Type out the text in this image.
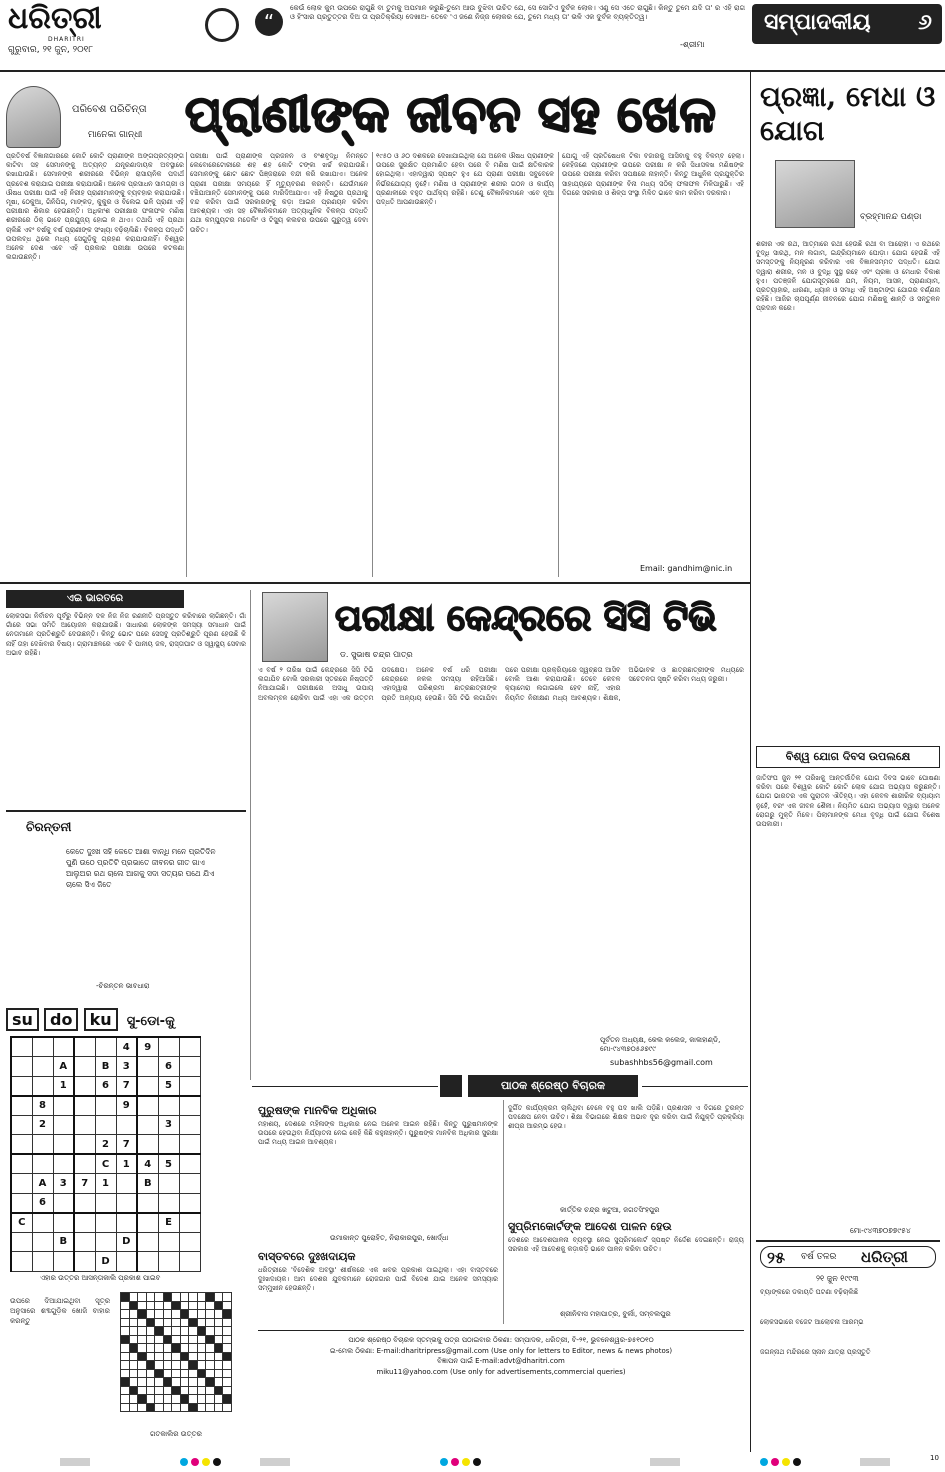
ଧରିତ୍ରୀ
DHARITRI
ଗୁରୁବାର, ୨୧ ଜୁନ, ୨୦୧୮
“
କେଉଁ ଲୋକ କୁମ ଉପରେ ରାଗୁଛି ବା ତୁମକୁ ଅପମାନ କରୁଛି-ତୁମେ ଆଉ ବୁଝିବା ଉଚିତ ଯେ, ସେ ସୋଟିଏ ଦୁର୍ବଳ ଲୋକ। ଏଣୁ ସେ ଏତେ ରାଗୁଛି। କିନ୍ତୁ ତୁମେ ଯଦି ତା' ର ଏହି ରାଗ ଓ ହିଂସାର ପ୍ରତୁତ୍ତର ଦିଅ ତା ପ୍ରତିକ୍ରିୟା ଦେଖାଅ- ତେବେ 'ଏ ଜଣେ ନିଜ୍ଜ ଲୋକର ଯେ, ତୁମେ ମଧ୍ୟ ତା' ଭଳି ଏକ ଦୁର୍ବଳ ବ୍ୟକ୍ତିତ୍ୱ।
-ଶ୍ରୀମା
ସମ୍ପାଦକୀୟ ୬
ପରିବେଶ ପରିଚିନ୍ତା
ମାନେକା ଗାନ୍ଧୀ ପ୍ରାଣୀଙ୍କ ଜୀବନ ସହ ଖେଳ
ପ୍ରତିବର୍ଷ ବିଜ୍ଞାନାଗାରରେ କୋଟି କୋଟି ପ୍ରାଣୀଙ୍କ ଅଙ୍ଗପ୍ରତ୍ୟଙ୍ଗ କାଟିବା ସହ ସେମାନଙ୍କୁ ଅତ୍ୟନ୍ତ ଯନ୍ତ୍ରଣାଦାୟକ ଅବସ୍ଥାରେ ରଖାଯାଉଛି। ସେମାନଙ୍କ ଶରୀରରେ ବିଭିନ୍ନ ରାସାୟନିକ ପଦାର୍ଥ ପ୍ରବେଶ କରାଯାଇ ପରୀକ୍ଷା କରାଯାଉଛି। ଅନେକ ପ୍ରସାଧନ ସାମଗ୍ରୀ ଓ ଔଷଧ ପରୀକ୍ଷା ପାଇଁ ଏହି ନିରୀହ ପ୍ରାଣୀମାନଙ୍କୁ ବ୍ୟବହାର କରାଯାଉଛି। ମୂଷା, ଠେକୁଆ, ଗିନିପିଗ୍, ମାଙ୍କଡ଼, କୁକୁର ଓ ବିଲେଇ ଭଳି ପ୍ରାଣୀ ଏହି ପରୀକ୍ଷାର ଶିକାର ହେଉଛନ୍ତି। ଅଧିକାଂଶ ପରୀକ୍ଷାର ଫଳାଫଳ ମଣିଷ ଶରୀରରେ ଠିକ୍ ଭାବେ ପ୍ରଯୁଜ୍ୟ ହୋଇ ନ ଥାଏ। ତଥାପି ଏହି ପ୍ରଥା ଚାଲିଛି ଏବଂ ବର୍ଷକୁ ବର୍ଷ ପ୍ରାଣୀଙ୍କ ସଂଖ୍ୟା ବଢ଼ିଚାଲିଛି। ବିକଳ୍ପ ପଦ୍ଧତି ଉପଲବ୍ଧ ଥିଲେ ମଧ୍ୟ ସେଗୁଡ଼ିକୁ ଗ୍ରହଣ କରାଯାଉନାହିଁ। ବିଶ୍ୱର ଅନେକ ଦେଶ ଏବେ ଏହି ପ୍ରକାର ପରୀକ୍ଷା ଉପରେ କଟକଣା ଲଗାଉଛନ୍ତି।
ପରୀକ୍ଷା ପାଇଁ ପ୍ରାଣୀଙ୍କ ପ୍ରଜନନ ଓ ବଂଶବୃଦ୍ଧି ନିମନ୍ତେ ଲେବୋରେଟୋରୀରେ ଶହ ଶହ କୋଟି ଟଙ୍କା ଖର୍ଚ୍ଚ କରାଯାଉଛି। ସେମାନଙ୍କୁ ଛୋଟ ଛୋଟ ପିଞ୍ଜରାରେ ବନ୍ଦୀ କରି ରଖାଯାଏ। ଅନେକ ପ୍ରାଣୀ ପରୀକ୍ଷା ସମୟରେ ହିଁ ମୃତ୍ୟୁବରଣ କରନ୍ତି। ଯେଉଁମାନେ ବଞ୍ଚିଯାଆନ୍ତି ସେମାନଙ୍କୁ ପରେ ମାରିଦିଆଯାଏ। ଏହି ନିଷ୍ଠୁର ପ୍ରଥାକୁ ବନ୍ଦ କରିବା ପାଇଁ ସରକାରଙ୍କୁ କଡ଼ା ଆଇନ ପ୍ରଣୟନ କରିବା ଆବଶ୍ୟକ। ଏହା ସହ ବୈଜ୍ଞାନିକମାନେ ଅତ୍ୟାଧୁନିକ ବିକଳ୍ପ ପଦ୍ଧତି ଯଥା କମ୍ପ୍ୟୁଟର ମଡେଲିଂ ଓ ଟିସ୍ୟୁ କଲଚର ଉପରେ ଗୁରୁତ୍ୱ ଦେବା ଉଚିତ।
୧୯୫୦ ଓ ୬୦ ଦଶକରେ ଦେଖାଯାଇଥିଲା ଯେ ଅନେକ ଔଷଧ ପ୍ରାଣୀଙ୍କ ଉପରେ ସୁରକ୍ଷିତ ପ୍ରମାଣିତ ହେବା ପରେ ବି ମଣିଷ ପାଇଁ କ୍ଷତିକାରକ ହୋଇଥିଲା। ଏହାଦ୍ୱାରା ସ୍ପଷ୍ଟ ହୁଏ ଯେ ପ୍ରାଣୀ ପରୀକ୍ଷା ସବୁବେଳେ ନିର୍ଭରଯୋଗ୍ୟ ନୁହେଁ। ମଣିଷ ଓ ପ୍ରାଣୀଙ୍କ ଶରୀର ଗଠନ ଓ କାର୍ଯ୍ୟ ପ୍ରଣାଳୀରେ ବହୁତ ପାର୍ଥକ୍ୟ ରହିଛି। ତେଣୁ ବୈଜ୍ଞାନିକମାନେ ଏବେ ନୂଆ ପଦ୍ଧତି ଆପଣାଉଛନ୍ତି।
ଯୋଗୁ ଏହି ପ୍ରତିଷେଧକ ଟିକା ବଜାରକୁ ଆସିବାକୁ ବହୁ ବିଳମ୍ବ ହେଲା। କେହିଜଣେ ପ୍ରାଣୀଙ୍କ ଉପରେ ପରୀକ୍ଷା ନ କରି ସିଧାସଳଖ ମଣିଷଙ୍କ ଉପରେ ପରୀକ୍ଷା କରିବା ସପକ୍ଷରେ ନାହାନ୍ତି। କିନ୍ତୁ ଆଧୁନିକ ପ୍ରଯୁକ୍ତିର ସାହାଯ୍ୟରେ ପ୍ରାଣୀଙ୍କ ବିନା ମଧ୍ୟ ସଠିକ୍ ଫଳାଫଳ ମିଳିପାରୁଛି। ଏହି ଦିଗରେ ସରକାର ଓ ଶିଳ୍ପ ସଂସ୍ଥା ମିଳିତ ଭାବେ କାମ କରିବା ଦରକାର।
Email: gandhim@nic.in
ପ୍ରଜ୍ଞା, ମେଧା ଓ ଯୋଗ
ବ୍ରହ୍ମାନନ୍ଦ ପଣ୍ଡା
ଶରୀର ଏକ ରଥ, ଆତ୍ମାରେ ରଥୀ ହେଉଛି ରଥୀ ବା ଆରୋହୀ। ଏ ରଥରେ ବୁଦ୍ଧି ସାରଥି, ମନ ଲଗାମ, ଇନ୍ଦ୍ରିୟମାନେ ଘୋଡ଼ା। ଯୋଗ ହେଉଛି ଏହି ସମସ୍ତଙ୍କୁ ନିୟନ୍ତ୍ରଣ କରିବାର ଏକ ବିଜ୍ଞାନସମ୍ମତ ପଦ୍ଧତି। ଯୋଗ ଦ୍ୱାରା ଶରୀର, ମନ ଓ ବୁଦ୍ଧି ସୁସ୍ଥ ରହେ ଏବଂ ପ୍ରଜ୍ଞା ଓ ମେଧାର ବିକାଶ ହୁଏ। ପତଞ୍ଜଳି ଯୋଗସୂତ୍ରରେ ଯମ, ନିୟମ, ଆସନ, ପ୍ରାଣାୟାମ, ପ୍ରତ୍ୟାହାର, ଧାରଣା, ଧ୍ୟାନ ଓ ସମାଧି ଏହି ଅଷ୍ଟାଙ୍ଗ ଯୋଗର ବର୍ଣ୍ଣନା ରହିଛି। ଆଜିର ଚାପପୂର୍ଣ୍ଣ ଜୀବନରେ ଯୋଗ ମଣିଷକୁ ଶାନ୍ତି ଓ ସନ୍ତୁଳନ ପ୍ରଦାନ କରେ।
ବିଶ୍ୱ ଯୋଗ ଦିବସ ଉପଲକ୍ଷେ
ଜାତିସଂଘ ଜୁନ ୨୧ ତାରିଖକୁ ଆନ୍ତର୍ଜାତିକ ଯୋଗ ଦିବସ ଭାବେ ଘୋଷଣା କରିବା ପରେ ବିଶ୍ୱର କୋଟି କୋଟି ଲୋକ ଯୋଗ ଅଭ୍ୟାସ କରୁଛନ୍ତି। ଯୋଗ ଭାରତର ଏକ ପୁରାତନ ଐତିହ୍ୟ। ଏହା କେବଳ ଶାରୀରିକ ବ୍ୟାୟାମ ନୁହେଁ, ବରଂ ଏକ ଜୀବନ ଶୈଳୀ। ନିୟମିତ ଯୋଗ ଅଭ୍ୟାସ ଦ୍ୱାରା ଅନେକ ରୋଗରୁ ମୁକ୍ତି ମିଳେ। ପିଲାମାନଙ୍କ ମେଧା ବୃଦ୍ଧି ପାଇଁ ଯୋଗ ବିଶେଷ ଉପକାରୀ।
ମୋ-୯୪୩୭୦୭୭୯୫୪
୨୫ ବର୍ଷ ତଳର ଧରିତ୍ରୀ
୨୧ ଜୁନ ୧୯୯୩
ବ୍ୟାଙ୍କରେ ଡକାୟତି ଘଟଣା ବଢ଼ିଚାଲିଛି
ଲୋକସଭାରେ ବଜେଟ ଆଲୋଚନା ଆରମ୍ଭ
ଜଗନ୍ନାଥ ମନ୍ଦିରରେ ସ୍ନାନ ଯାତ୍ରା ପ୍ରସ୍ତୁତି
ଏଇ ଭାରତରେ
ଲୋକସଭା ନିର୍ବାଚନ ପୂର୍ବରୁ ବିଭିନ୍ନ ଦଳ ନିଜ ନିଜ ରଣନୀତି ପ୍ରସ୍ତୁତ କରିବାରେ ଲାଗିଛନ୍ତି। ଗାଁ ଗାଁରେ ସଭା ସମିତି ଆୟୋଜନ କରାଯାଉଛି। ସାଧାରଣ ଲୋକଙ୍କ ସମସ୍ୟା ସମାଧାନ ପାଇଁ ନେତାମାନେ ପ୍ରତିଶ୍ରୁତି ଦେଉଛନ୍ତି। କିନ୍ତୁ ଭୋଟ ପରେ ସେସବୁ ପ୍ରତିଶ୍ରୁତି ପୂରଣ ହେଉଛି କି ନାହିଁ ତାହା ଦେଖିବାର ବିଷୟ। ଗ୍ରାମାଞ୍ଚଳରେ ଏବେ ବି ପାନୀୟ ଜଳ, ରାସ୍ତାଘାଟ ଓ ସ୍ୱାସ୍ଥ୍ୟ ସେବାର ଅଭାବ ରହିଛି।
ଚିରନ୍ତନୀ
କେତେ ଦୁଃଖ ସହି କେତେ ଆଶା ବାନ୍ଧି ମନେ ପ୍ରତିଦିନ ପୁଣି ଉଠେ ପ୍ରତିଟି ପ୍ରଭାତେ ଜୀବନର ଗୀତ ଗାଏ ଆଲୁଅର ରଥ ଚାଲେ ଆଗକୁ ସଦା ସତ୍ୟର ପଥେ ଯିଏ ଚାଲେ ସିଏ ଜିତେ
-ଚିରନ୍ତନ ଭାବଧାରା
su do ku ସୁ-ଡୋ-କୁ
					4	9		
		A		B	3		6	
		1		6	7		5	
	8				9			
	2						3	
				2	7			
				C	1	4	5	
	A	3	7	1		B		
	6							
C							E	
		B			D			
				D				
ଏହାର ଉତ୍ତର ଆସନ୍ତାକାଲି ପ୍ରକାଶ ପାଇବ
ଉପରେ ଦିଆଯାଇଥିବା ସୂତ୍ର ଅନୁସାରେ ଶବ୍ଦଗୁଡ଼ିକ ଖୋଜି ବାହାର କରନ୍ତୁ

ଗତକାଲିର ଉତ୍ତର
ଡ. ସୁଭାଷ ଚନ୍ଦ୍ର ପାତ୍ର
ପରୀକ୍ଷା କେନ୍ଦ୍ରରେ ସିସି ଟିଭି
ଏ ବର୍ଷ ୨ ତାରିଖ ପାଇଁ କେନ୍ଦ୍ରରେ ସିସି ଟିଭି ଲଗାଯିବ ବୋଲି ସରକାରୀ ସ୍ତରରେ ନିଷ୍ପତ୍ତି ନିଆଯାଇଛି। ପରୀକ୍ଷାରେ ଅସାଧୁ ଉପାୟ ଅବଲମ୍ବନ ରୋକିବା ପାଇଁ ଏହା ଏକ ଉତ୍ତମ ପଦକ୍ଷେପ। ଅନେକ ବର୍ଷ ଧରି ପରୀକ୍ଷା କେନ୍ଦ୍ରରେ ନକଲ ସମସ୍ୟା ରହିଆସିଛି। ଏହାଦ୍ୱାରା ପରିଶ୍ରମୀ ଛାତ୍ରଛାତ୍ରୀଙ୍କ ପ୍ରତି ଅନ୍ୟାୟ ହେଉଛି। ସିସି ଟିଭି ଲଗାଯିବା ପରେ ପରୀକ୍ଷା ପ୍ରକ୍ରିୟାରେ ସ୍ୱଚ୍ଛତା ଆସିବ ବୋଲି ଆଶା କରାଯାଉଛି। ତେବେ କେବଳ କ୍ୟାମେରା ଲଗାଇଲେ ହେବ ନାହିଁ, ଏହାର ନିୟମିତ ନିରୀକ୍ଷଣ ମଧ୍ୟ ଆବଶ୍ୟକ। ଶିକ୍ଷକ, ଅଭିଭାବକ ଓ ଛାତ୍ରଛାତ୍ରୀଙ୍କ ମଧ୍ୟରେ ସଚେତନତା ସୃଷ୍ଟି କରିବା ମଧ୍ୟ ଜରୁରୀ।
ପୂର୍ବତନ ଅଧ୍ୟକ୍ଷ, କେଲ କଲେଜ, କାଳାହାଣ୍ଡି, ମୋ-୯୪୩୭୦୫୬୭୯୯
subashhbs56@gmail.com
ପାଠକ ଶ୍ରେଷ୍ଠ ବିଚାରକ
ପୁରୁଷଙ୍କ ମାନବିକ ଅଧିକାର
ମହାଶୟ, ଦେଶରେ ମହିଳାଙ୍କ ଅଧିକାର ନେଇ ଅନେକ ଆଇନ ରହିଛି। କିନ୍ତୁ ପୁରୁଷମାନଙ୍କ ଉପରେ ହେଉଥିବା ନିର୍ଯ୍ୟାତନା ନେଇ କେହି କିଛି କହୁନାହାନ୍ତି। ପୁରୁଷଙ୍କ ମାନବିକ ଅଧିକାର ସୁରକ୍ଷା ପାଇଁ ମଧ୍ୟ ଆଇନ ଆବଶ୍ୟକ।
ଉମାକାନ୍ତ ପୁରୋହିତ, ନିରାକାରପୁର, ଖୋର୍ଦ୍ଧା
ବାସ୍ତବରେ ଦୁଃଖଦାୟକ
ଧରିତ୍ରୀରେ 'ବିଦେଶିକ ଅବସ୍ଥା' ଶୀର୍ଷକରେ ଏକ ଖବର ପ୍ରକାଶ ପାଇଥିଲା। ଏହା ବାସ୍ତବରେ ଦୁଃଖଦାୟକ। ଆମ ଦେଶର ଯୁବକମାନେ ରୋଜଗାର ପାଇଁ ବିଦେଶ ଯାଇ ଅନେକ ସମସ୍ୟାର ସମ୍ମୁଖୀନ ହେଉଛନ୍ତି।
ଦୁର୍ଗିତ କାର୍ଯ୍ୟକ୍ରମ ଚାଲିଥିବା ବେଳେ ବହୁ ପଦ ଖାଲି ପଡ଼ିଛି। ପ୍ରଶାସନ ଏ ଦିଗରେ ତୁରନ୍ତ ପଦକ୍ଷେପ ନେବା ଉଚିତ। ଶିକ୍ଷା ବିଭାଗରେ ଶିକ୍ଷକ ଅଭାବ ଦୂର କରିବା ପାଇଁ ନିଯୁକ୍ତି ପ୍ରକ୍ରିୟା ଶୀଘ୍ର ଆରମ୍ଭ ହେଉ।
କାର୍ତ୍ତିକ ଚନ୍ଦ୍ର ଖଟୁଆ, ଜଗତସିଂହପୁର
ସୁପ୍ରିମକୋର୍ଟଙ୍କ ଆଦେଶ ପାଳନ ହେଉ
ଦେଶରେ ଆଦେଶପାଳନା ବ୍ୟବସ୍ଥା ନେଇ ସୁପ୍ରିମକୋର୍ଟ ସ୍ପଷ୍ଟ ନିର୍ଦ୍ଦେଶ ଦେଇଛନ୍ତି। ରାଜ୍ୟ ସରକାର ଏହି ଆଦେଶକୁ କଡ଼ାକଡ଼ି ଭାବେ ପାଳନ କରିବା ଉଚିତ।
ଶ୍ରୀନିବାସ ମହାପାତ୍ର, ବୁର୍ଲା, ସମ୍ବଲପୁର
ପାଠକ ଶ୍ରେଷ୍ଠ ବିଚାରକ ସ୍ତମ୍ଭକୁ ପତ୍ର ପଠାଇବାର ଠିକଣା: ସମ୍ପାଦକ, ଧରିତ୍ରୀ, ବି-୨୧, ଭୁବନେଶ୍ୱର-୭୫୧୦୧୦
ଇ-ମେଲ ଠିକଣା: E-mail:dharitripress@gmail.com (Use only for letters to Editor, news & news photos)
ବିଜ୍ଞାପନ ପାଇଁ E-mail:advt@dharitri.com
miku11@yahoo.com (Use only for advertisements,commercial queries)
10
